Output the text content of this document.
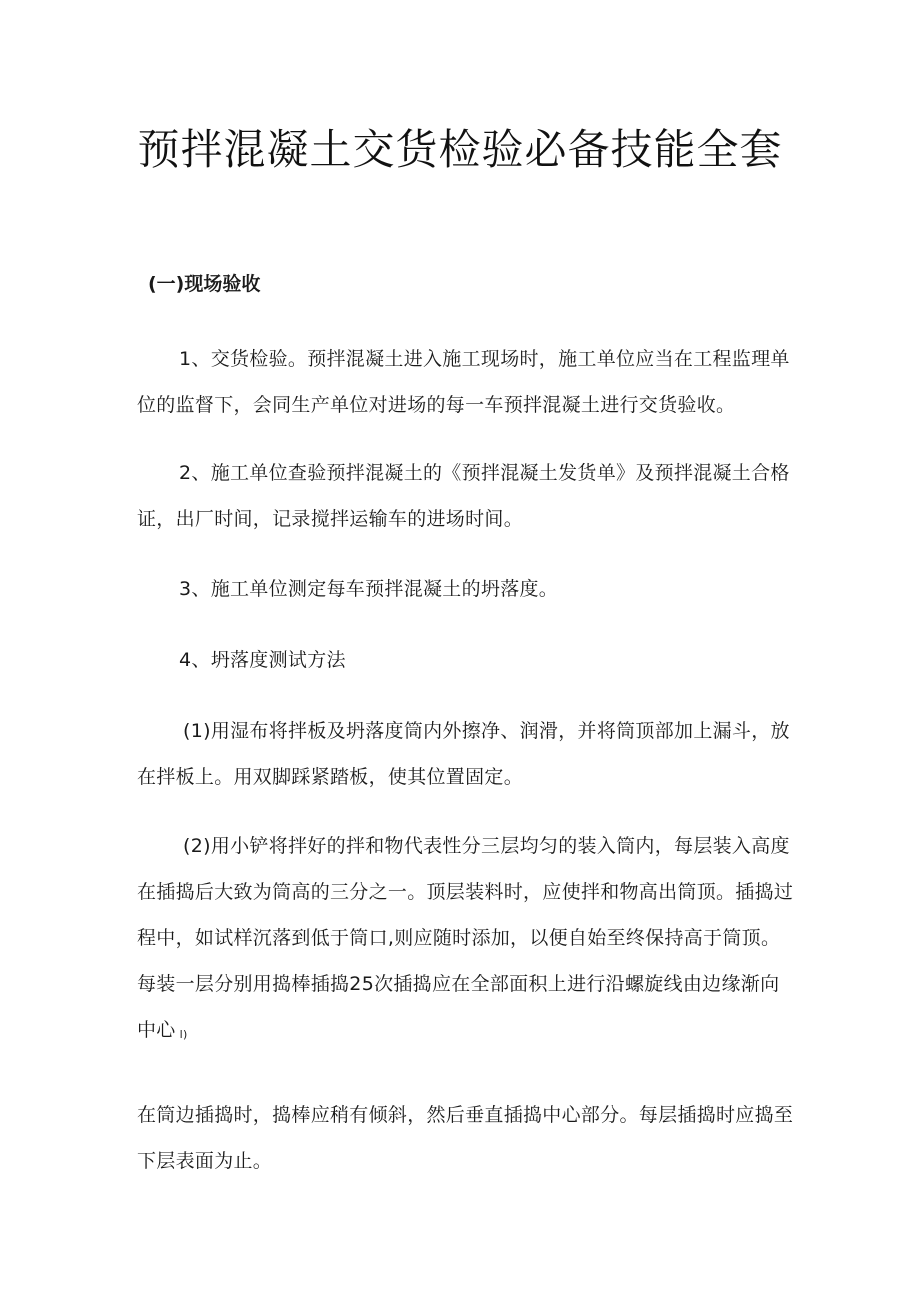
预拌混凝土交货检验必备技能全套
(一)现场验收

1、交货检验。预拌混凝土进入施工现场时，施工单位应当在工程监理单位的监督下，会同生产单位对进场的每一车预拌混凝土进行交货验收。

2、施工单位查验预拌混凝土的《预拌混凝土发货单》及预拌混凝土合格证，出厂时间，记录搅拌运输车的进场时间。

3、施工单位测定每车预拌混凝土的坍落度。

4、坍落度测试方法

(1)用湿布将拌板及坍落度筒内外擦净、润滑，并将筒顶部加上漏斗，放在拌板上。用双脚踩紧踏板，使其位置固定。

(2)用小铲将拌好的拌和物代表性分三层均匀的装入筒内，每层装入高度在插捣后大致为筒高的三分之一。顶层装料时，应使拌和物高出筒顶。插捣过程中，如试样沉落到低于筒口,则应随时添加，以便自始至终保持高于筒顶。每装一层分别用捣棒插捣25次插捣应在全部面积上进行沿螺旋线由边缘渐向中心 l)

在筒边插捣时，捣棒应稍有倾斜，然后垂直插捣中心部分。每层插捣时应捣至下层表面为止。
